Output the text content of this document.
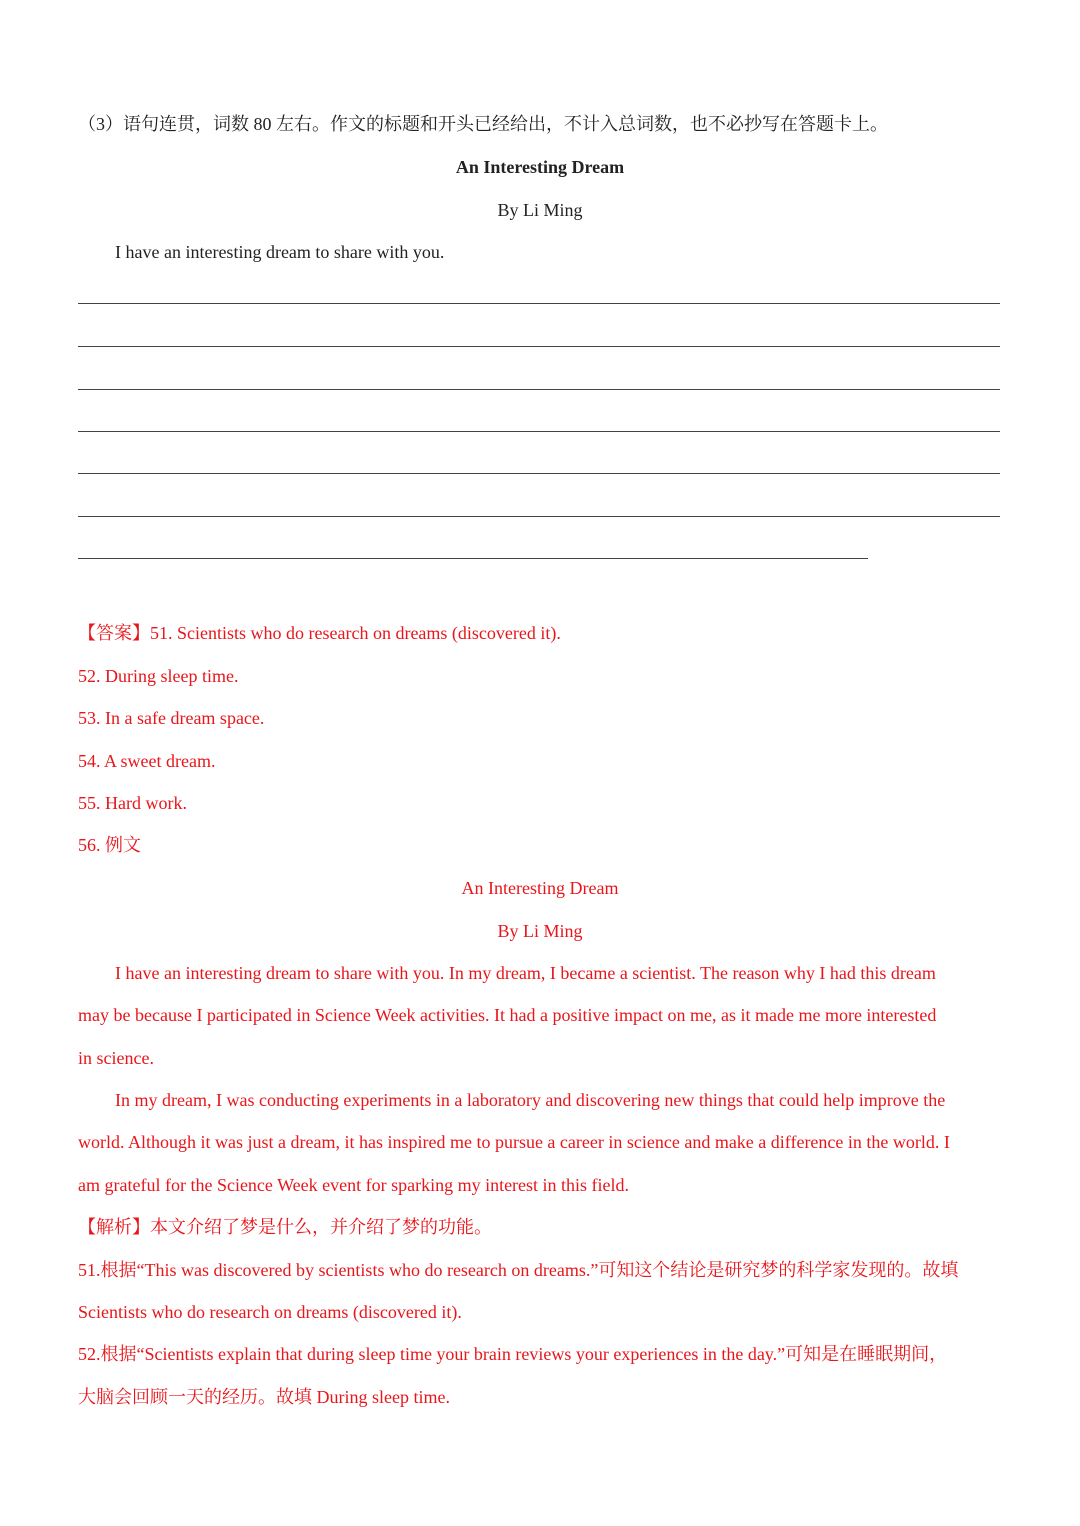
（3）语句连贯，词数 80 左右。作文的标题和开头已经给出，不计入总词数，也不必抄写在答题卡上。
An Interesting Dream
By Li Ming
I have an interesting dream to share with you.
【答案】51. Scientists who do research on dreams (discovered it).
52. During sleep time.
53. In a safe dream space.
54. A sweet dream.
55. Hard work.
56. 例文
An Interesting Dream
By Li Ming
I have an interesting dream to share with you. In my dream, I became a scientist. The reason why I had this dream
may be because I participated in Science Week activities. It had a positive impact on me, as it made me more interested
in science.
In my dream, I was conducting experiments in a laboratory and discovering new things that could help improve the
world. Although it was just a dream, it has inspired me to pursue a career in science and make a difference in the world. I
am grateful for the Science Week event for sparking my interest in this field.
【解析】本文介绍了梦是什么，并介绍了梦的功能。
51.根据“This was discovered by scientists who do research on dreams.”可知这个结论是研究梦的科学家发现的。故填
Scientists who do research on dreams (discovered it).
52.根据“Scientists explain that during sleep time your brain reviews your experiences in the day.”可知是在睡眠期间，
大脑会回顾一天的经历。故填 During sleep time.
